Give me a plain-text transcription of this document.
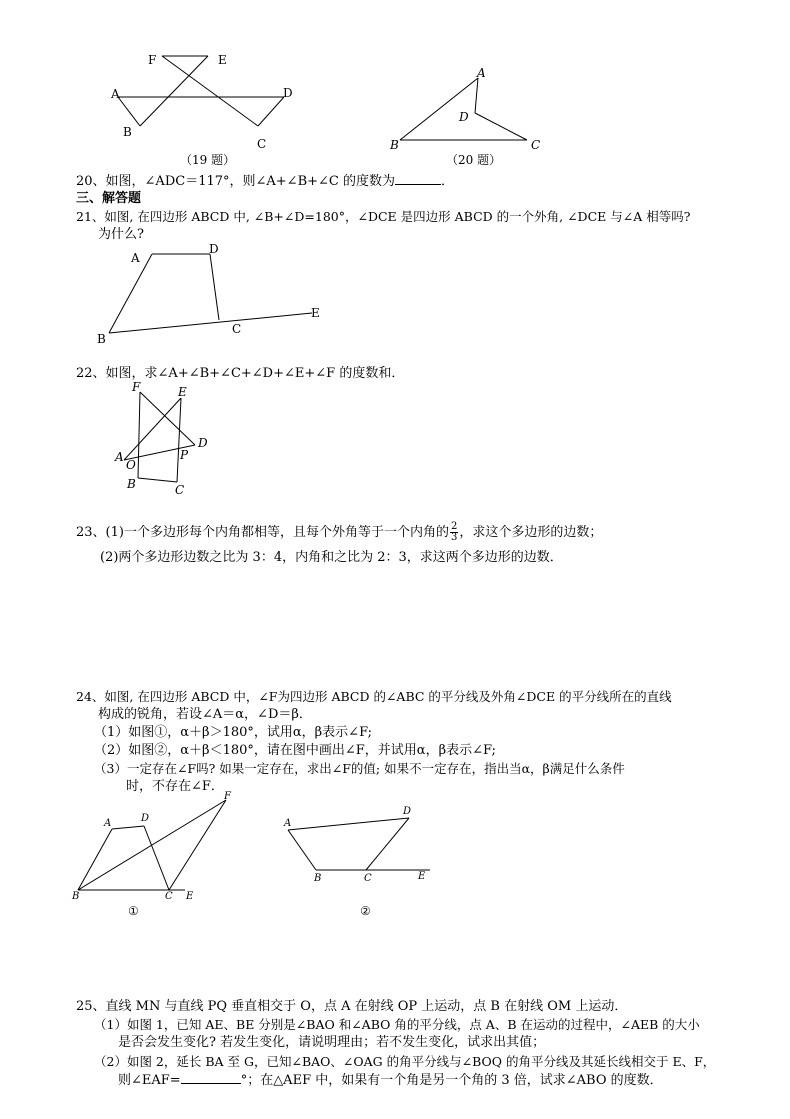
F	E
A	D
B
C
（19 题）
A
D
B	C
（20 题）
20、如图，∠ADC＝117°，则∠A+∠B+∠C 的度数为	．
三、解答题
21、如图, 在四边形 ABCD 中, ∠B+∠D=180°，∠DCE 是四边形 ABCD 的一个外角, ∠DCE 与∠A 相等吗?
为什么?
A
D
B
C
E
22、如图，求∠A+∠B+∠C+∠D+∠E+∠F 的度数和．
F	E
D
A
O
P
B	C
23、(1)一个多边形每个内角都相等，且每个外角等于一个内角的 $\frac{2}{3}$ ，求这个多边形的边数；
(2)两个多边形边数之比为 3：4，内角和之比为 2：3，求这两个多边形的边数．
24、如图, 在四边形 ABCD 中，∠F为四边形 ABCD 的∠ABC 的平分线及外角∠DCE 的平分线所在的直线
构成的锐角，若设∠A＝α，∠D＝β．
（1）如图①，α＋β＞180°，试用α，β表示∠F;
（2）如图②，α＋β＜180°，请在图中画出∠F，并试用α，β表示∠F;
（3）一定存在∠F吗? 如果一定存在，求出∠F的值; 如果不一定存在，指出当α，β满足什么条件
时，不存在∠F．
A	D
F
B	C E
①
A
D
B	C	E
②
25、直线 MN 与直线 PQ 垂直相交于 O，点 A 在射线 OP 上运动，点 B 在射线 OM 上运动．
（1）如图 1，已知 AE、BE 分别是∠BAO 和∠ABO 角的平分线，点 A、B 在运动的过程中，∠AEB 的大小
是否会发生变化? 若发生变化，请说明理由；若不发生变化，试求出其值；
（2）如图 2，延长 BA 至 G，已知∠BAO、∠OAG 的角平分线与∠BOQ 的角平分线及其延长线相交于 E、F，
则∠EAF=	°；在△AEF 中，如果有一个角是另一个角的 3 倍，试求∠ABO 的度数．
